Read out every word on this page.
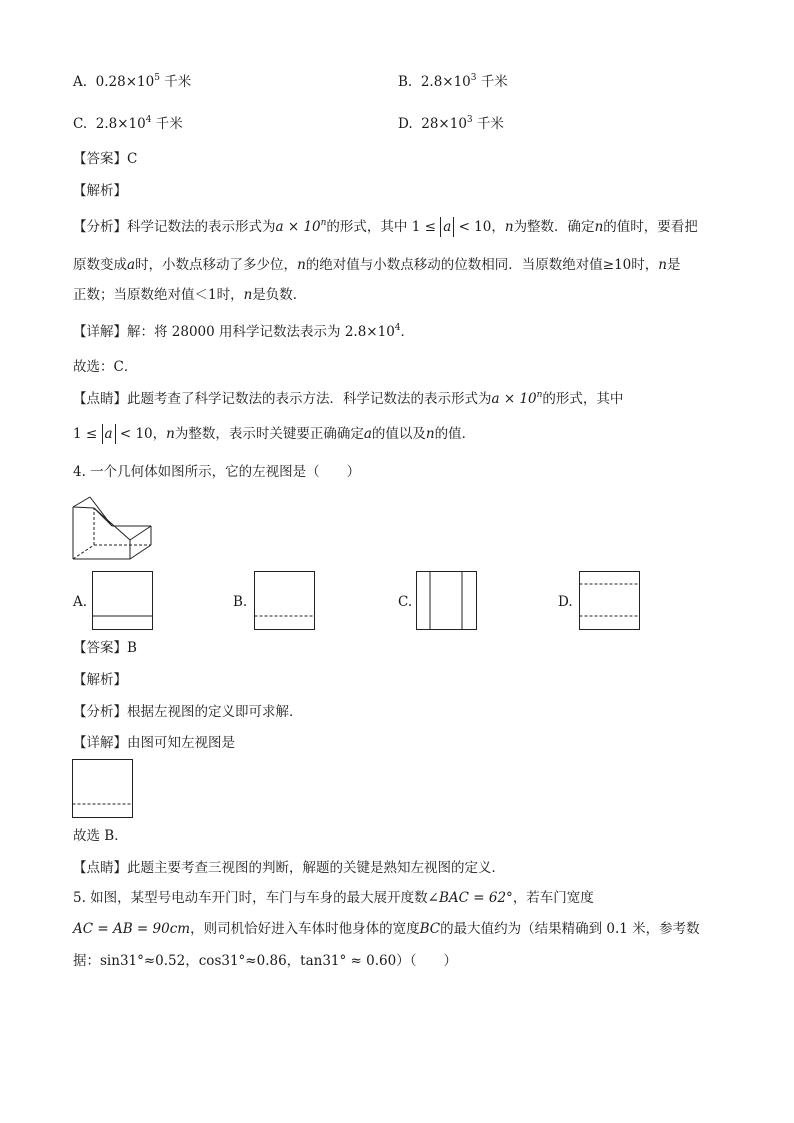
A. $0.28\times 10^5$ 千米	B. $2.8\times 10^3$ 千米
C. $2.8\times 10^4$ 千米	D. $28\times 10^3$ 千米
【答案】C
【解析】
【分析】科学记数法的表示形式为$a \times 10^n$的形式，其中 1 ≤ a < 10，n为整数．确定n的值时，要看把
原数变成a时，小数点移动了多少位，n的绝对值与小数点移动的位数相同．当原数绝对值≥10时，n是
正数；当原数绝对值＜1时，n是负数．
【详解】解：将 28000 用科学记数法表示为 $2.8\times 10^4$．
故选：C．
【点睛】此题考查了科学记数法的表示方法．科学记数法的表示形式为$a \times 10^n$的形式，其中
1 ≤ a < 10，n为整数，表示时关键要正确确定a的值以及n的值．
4. 一个几何体如图所示，它的左视图是（　　）
A.	B.	C.	D.
【答案】B
【解析】
【分析】根据左视图的定义即可求解．
【详解】由图可知左视图是
故选 B．
【点睛】此题主要考查三视图的判断，解题的关键是熟知左视图的定义．
5. 如图，某型号电动车开门时，车门与车身的最大展开度数∠BAC = 62°，若车门宽度
AC = AB = 90cm，则司机恰好进入车体时他身体的宽度BC的最大值约为（结果精确到 0.1 米，参考数
据：sin31°≈0.52，cos31°≈0.86，tan31° ≈ 0.60）（　　）
